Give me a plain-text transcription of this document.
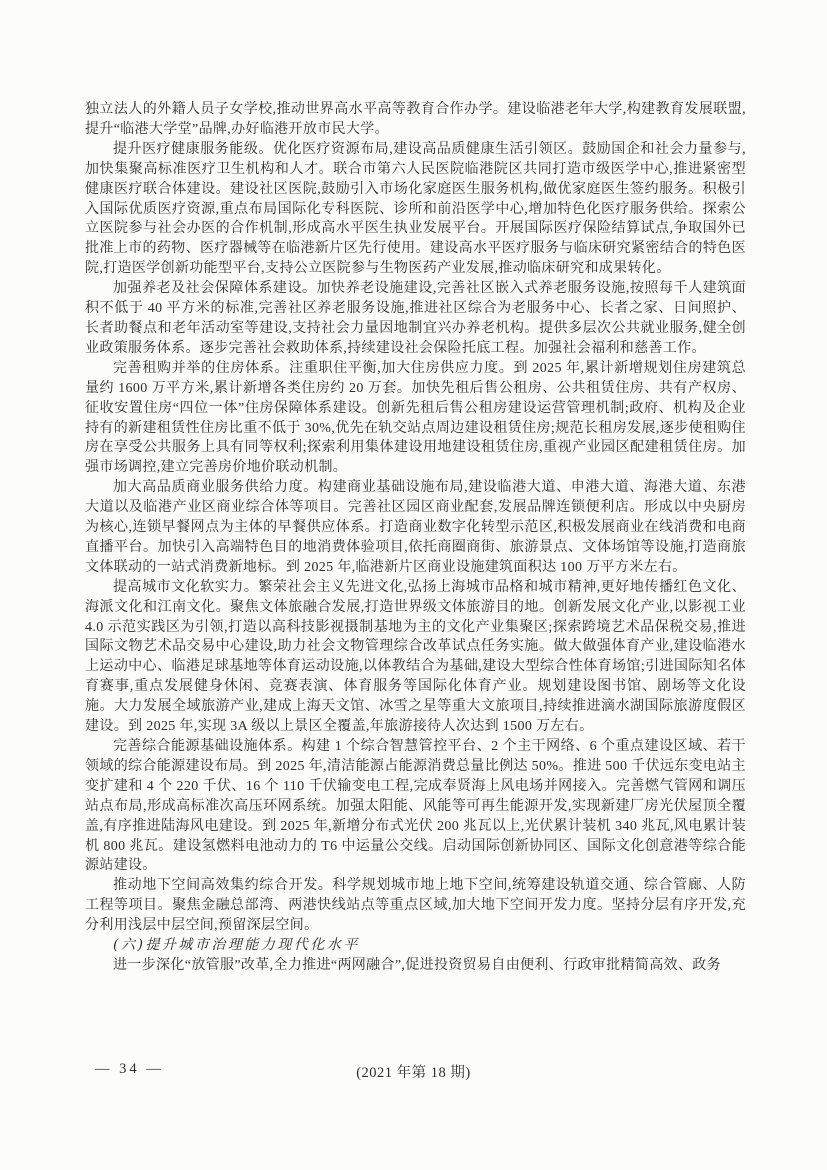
独立法人的外籍人员子女学校,推动世界高水平高等教育合作办学。建设临港老年大学,构建教育发展联盟,提升“临港大学堂”品牌,办好临港开放市民大学。

提升医疗健康服务能级。优化医疗资源布局,建设高品质健康生活引领区。鼓励国企和社会力量参与,加快集聚高标准医疗卫生机构和人才。联合市第六人民医院临港院区共同打造市级医学中心,推进紧密型健康医疗联合体建设。建设社区医院,鼓励引入市场化家庭医生服务机构,做优家庭医生签约服务。积极引入国际优质医疗资源,重点布局国际化专科医院、诊所和前沿医学中心,增加特色化医疗服务供给。探索公立医院参与社会办医的合作机制,形成高水平医生执业发展平台。开展国际医疗保险结算试点,争取国外已批准上市的药物、医疗器械等在临港新片区先行使用。建设高水平医疗服务与临床研究紧密结合的特色医院,打造医学创新功能型平台,支持公立医院参与生物医药产业发展,推动临床研究和成果转化。

加强养老及社会保障体系建设。加快养老设施建设,完善社区嵌入式养老服务设施,按照每千人建筑面积不低于 40 平方米的标准,完善社区养老服务设施,推进社区综合为老服务中心、长者之家、日间照护、长者助餐点和老年活动室等建设,支持社会力量因地制宜兴办养老机构。提供多层次公共就业服务,健全创业政策服务体系。逐步完善社会救助体系,持续建设社会保险托底工程。加强社会福利和慈善工作。

完善租购并举的住房体系。注重职住平衡,加大住房供应力度。到 2025 年,累计新增规划住房建筑总量约 1600 万平方米,累计新增各类住房约 20 万套。加快先租后售公租房、公共租赁住房、共有产权房、征收安置住房“四位一体”住房保障体系建设。创新先租后售公租房建设运营管理机制;政府、机构及企业持有的新建租赁性住房比重不低于 30%,优先在轨交站点周边建设租赁住房;规范长租房发展,逐步使租购住房在享受公共服务上具有同等权利;探索利用集体建设用地建设租赁住房,重视产业园区配建租赁住房。加强市场调控,建立完善房价地价联动机制。

加大高品质商业服务供给力度。构建商业基础设施布局,建设临港大道、申港大道、海港大道、东港大道以及临港产业区商业综合体等项目。完善社区园区商业配套,发展品牌连锁便利店。形成以中央厨房为核心,连锁早餐网点为主体的早餐供应体系。打造商业数字化转型示范区,积极发展商业在线消费和电商直播平台。加快引入高端特色目的地消费体验项目,依托商圈商街、旅游景点、文体场馆等设施,打造商旅文体联动的一站式消费新地标。到 2025 年,临港新片区商业设施建筑面积达 100 万平方米左右。

提高城市文化软实力。繁荣社会主义先进文化,弘扬上海城市品格和城市精神,更好地传播红色文化、海派文化和江南文化。聚焦文体旅融合发展,打造世界级文体旅游目的地。创新发展文化产业,以影视工业 4.0 示范实践区为引领,打造以高科技影视摄制基地为主的文化产业集聚区;探索跨境艺术品保税交易,推进国际文物艺术品交易中心建设,助力社会文物管理综合改革试点任务实施。做大做强体育产业,建设临港水上运动中心、临港足球基地等体育运动设施,以体教结合为基础,建设大型综合性体育场馆;引进国际知名体育赛事,重点发展健身休闲、竞赛表演、体育服务等国际化体育产业。规划建设图书馆、剧场等文化设施。大力发展全域旅游产业,建成上海天文馆、冰雪之星等重大文旅项目,持续推进滴水湖国际旅游度假区建设。到 2025 年,实现 3A 级以上景区全覆盖,年旅游接待人次达到 1500 万左右。

完善综合能源基础设施体系。构建 1 个综合智慧管控平台、2 个主干网络、6 个重点建设区域、若干领域的综合能源建设布局。到 2025 年,清洁能源占能源消费总量比例达 50%。推进 500 千伏远东变电站主变扩建和 4 个 220 千伏、16 个 110 千伏输变电工程,完成奉贤海上风电场并网接入。完善燃气管网和调压站点布局,形成高标准次高压环网系统。加强太阳能、风能等可再生能源开发,实现新建厂房光伏屋顶全覆盖,有序推进陆海风电建设。到 2025 年,新增分布式光伏 200 兆瓦以上,光伏累计装机 340 兆瓦,风电累计装机 800 兆瓦。建设氢燃料电池动力的 T6 中运量公交线。启动国际创新协同区、国际文化创意港等综合能源站建设。

推动地下空间高效集约综合开发。科学规划城市地上地下空间,统筹建设轨道交通、综合管廊、人防工程等项目。聚焦金融总部湾、两港快线站点等重点区域,加大地下空间开发力度。坚持分层有序开发,充分利用浅层中层空间,预留深层空间。

(六)提升城市治理能力现代化水平

进一步深化“放管服”改革,全力推进“两网融合”,促进投资贸易自由便利、行政审批精简高效、政务

— 34 —	(2021 年第 18 期)
